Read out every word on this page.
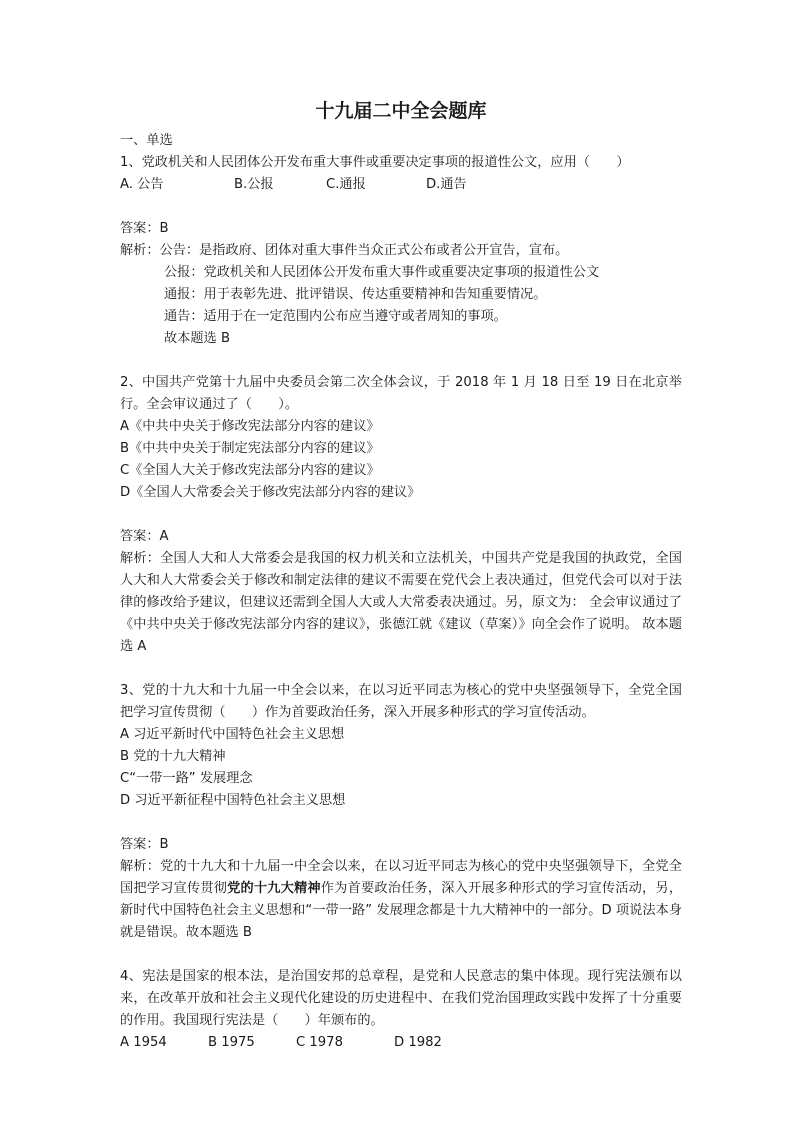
十九届二中全会题库

一、单选

1、党政机关和人民团体公开发布重大事件或重要决定事项的报道性公文，应用（　　）

A. 公告	B.公报	C.通报	D.通告

答案：B

解析：公告：是指政府、团体对重大事件当众正式公布或者公开宣告，宣布。

公报：党政机关和人民团体公开发布重大事件或重要决定事项的报道性公文

通报：用于表彰先进、批评错误、传达重要精神和告知重要情况。

通告：适用于在一定范围内公布应当遵守或者周知的事项。

故本题选 B

2、中国共产党第十九届中央委员会第二次全体会议，于 2018 年 1 月 18 日至 19 日在北京举行。全会审议通过了（　　）。

A《中共中央关于修改宪法部分内容的建议》

B《中共中央关于制定宪法部分内容的建议》

C《全国人大关于修改宪法部分内容的建议》

D《全国人大常委会关于修改宪法部分内容的建议》

答案：A

解析：全国人大和人大常委会是我国的权力机关和立法机关，中国共产党是我国的执政党，全国人大和人大常委会关于修改和制定法律的建议不需要在党代会上表决通过，但党代会可以对于法律的修改给予建议，但建议还需到全国人大或人大常委表决通过。另，原文为： 全会审议通过了《中共中央关于修改宪法部分内容的建议》，张德江就《建议（草案）》向全会作了说明。 故本题选 A

3、党的十九大和十九届一中全会以来，在以习近平同志为核心的党中央坚强领导下，全党全国把学习宣传贯彻（　　）作为首要政治任务，深入开展多种形式的学习宣传活动。

A 习近平新时代中国特色社会主义思想

B 党的十九大精神

C“一带一路” 发展理念

D 习近平新征程中国特色社会主义思想

答案：B

解析：党的十九大和十九届一中全会以来，在以习近平同志为核心的党中央坚强领导下，全党全国把学习宣传贯彻党的十九大精神作为首要政治任务，深入开展多种形式的学习宣传活动，另，新时代中国特色社会主义思想和“一带一路” 发展理念都是十九大精神中的一部分。D 项说法本身就是错误。故本题选 B

4、宪法是国家的根本法，是治国安邦的总章程，是党和人民意志的集中体现。现行宪法颁布以来，在改革开放和社会主义现代化建设的历史进程中、在我们党治国理政实践中发挥了十分重要的作用。我国现行宪法是（　　）年颁布的。

A 1954	B 1975	C 1978	D 1982
